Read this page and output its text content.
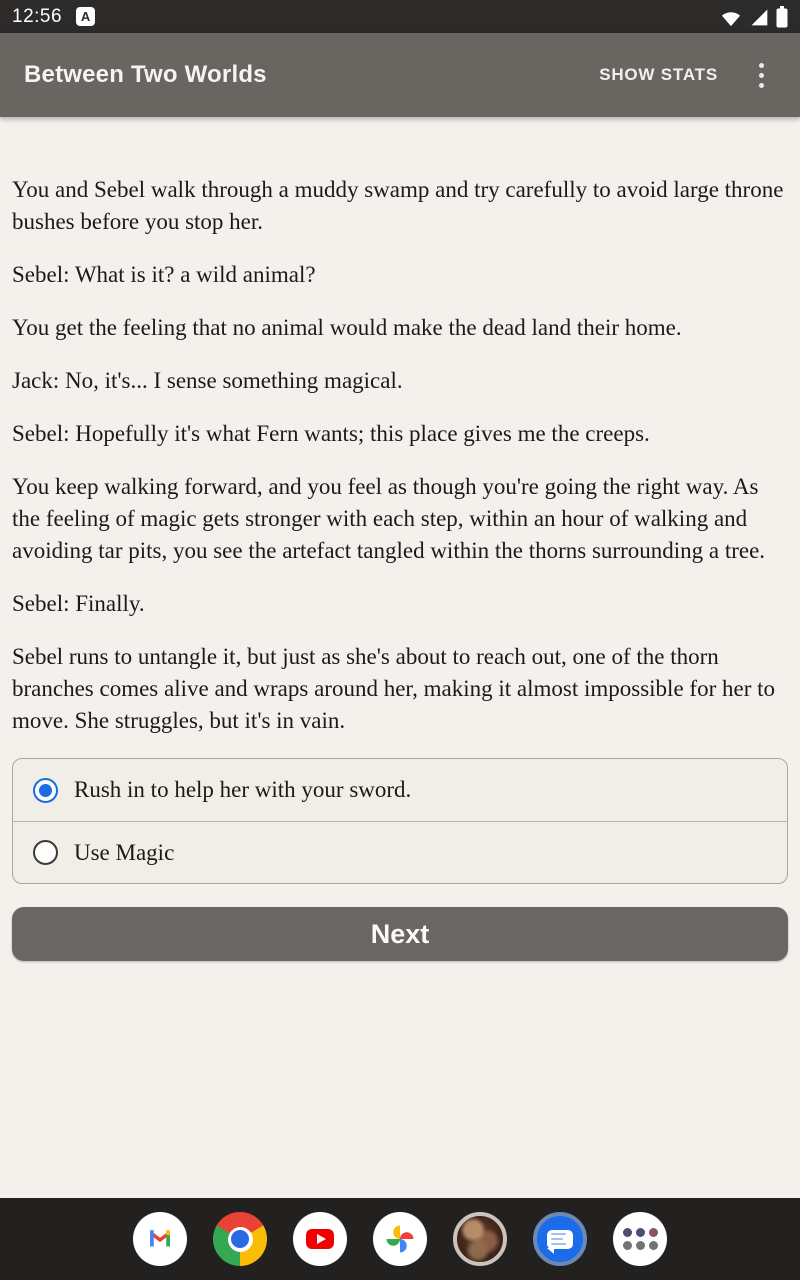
12:56	A
Between Two Worlds	SHOW STATS

You and Sebel walk through a muddy swamp and try carefully to avoid large throne bushes before you stop her.

Sebel: What is it? a wild animal?

You get the feeling that no animal would make the dead land their home.

Jack: No, it's... I sense something magical.

Sebel: Hopefully it's what Fern wants; this place gives me the creeps.

You keep walking forward, and you feel as though you're going the right way. As the feeling of magic gets stronger with each step, within an hour of walking and avoiding tar pits, you see the artefact tangled within the thorns surrounding a tree.

Sebel: Finally.

Sebel runs to untangle it, but just as she's about to reach out, one of the thorn branches comes alive and wraps around her, making it almost impossible for her to move. She struggles, but it's in vain.

Rush in to help her with your sword.
Use Magic
Next
